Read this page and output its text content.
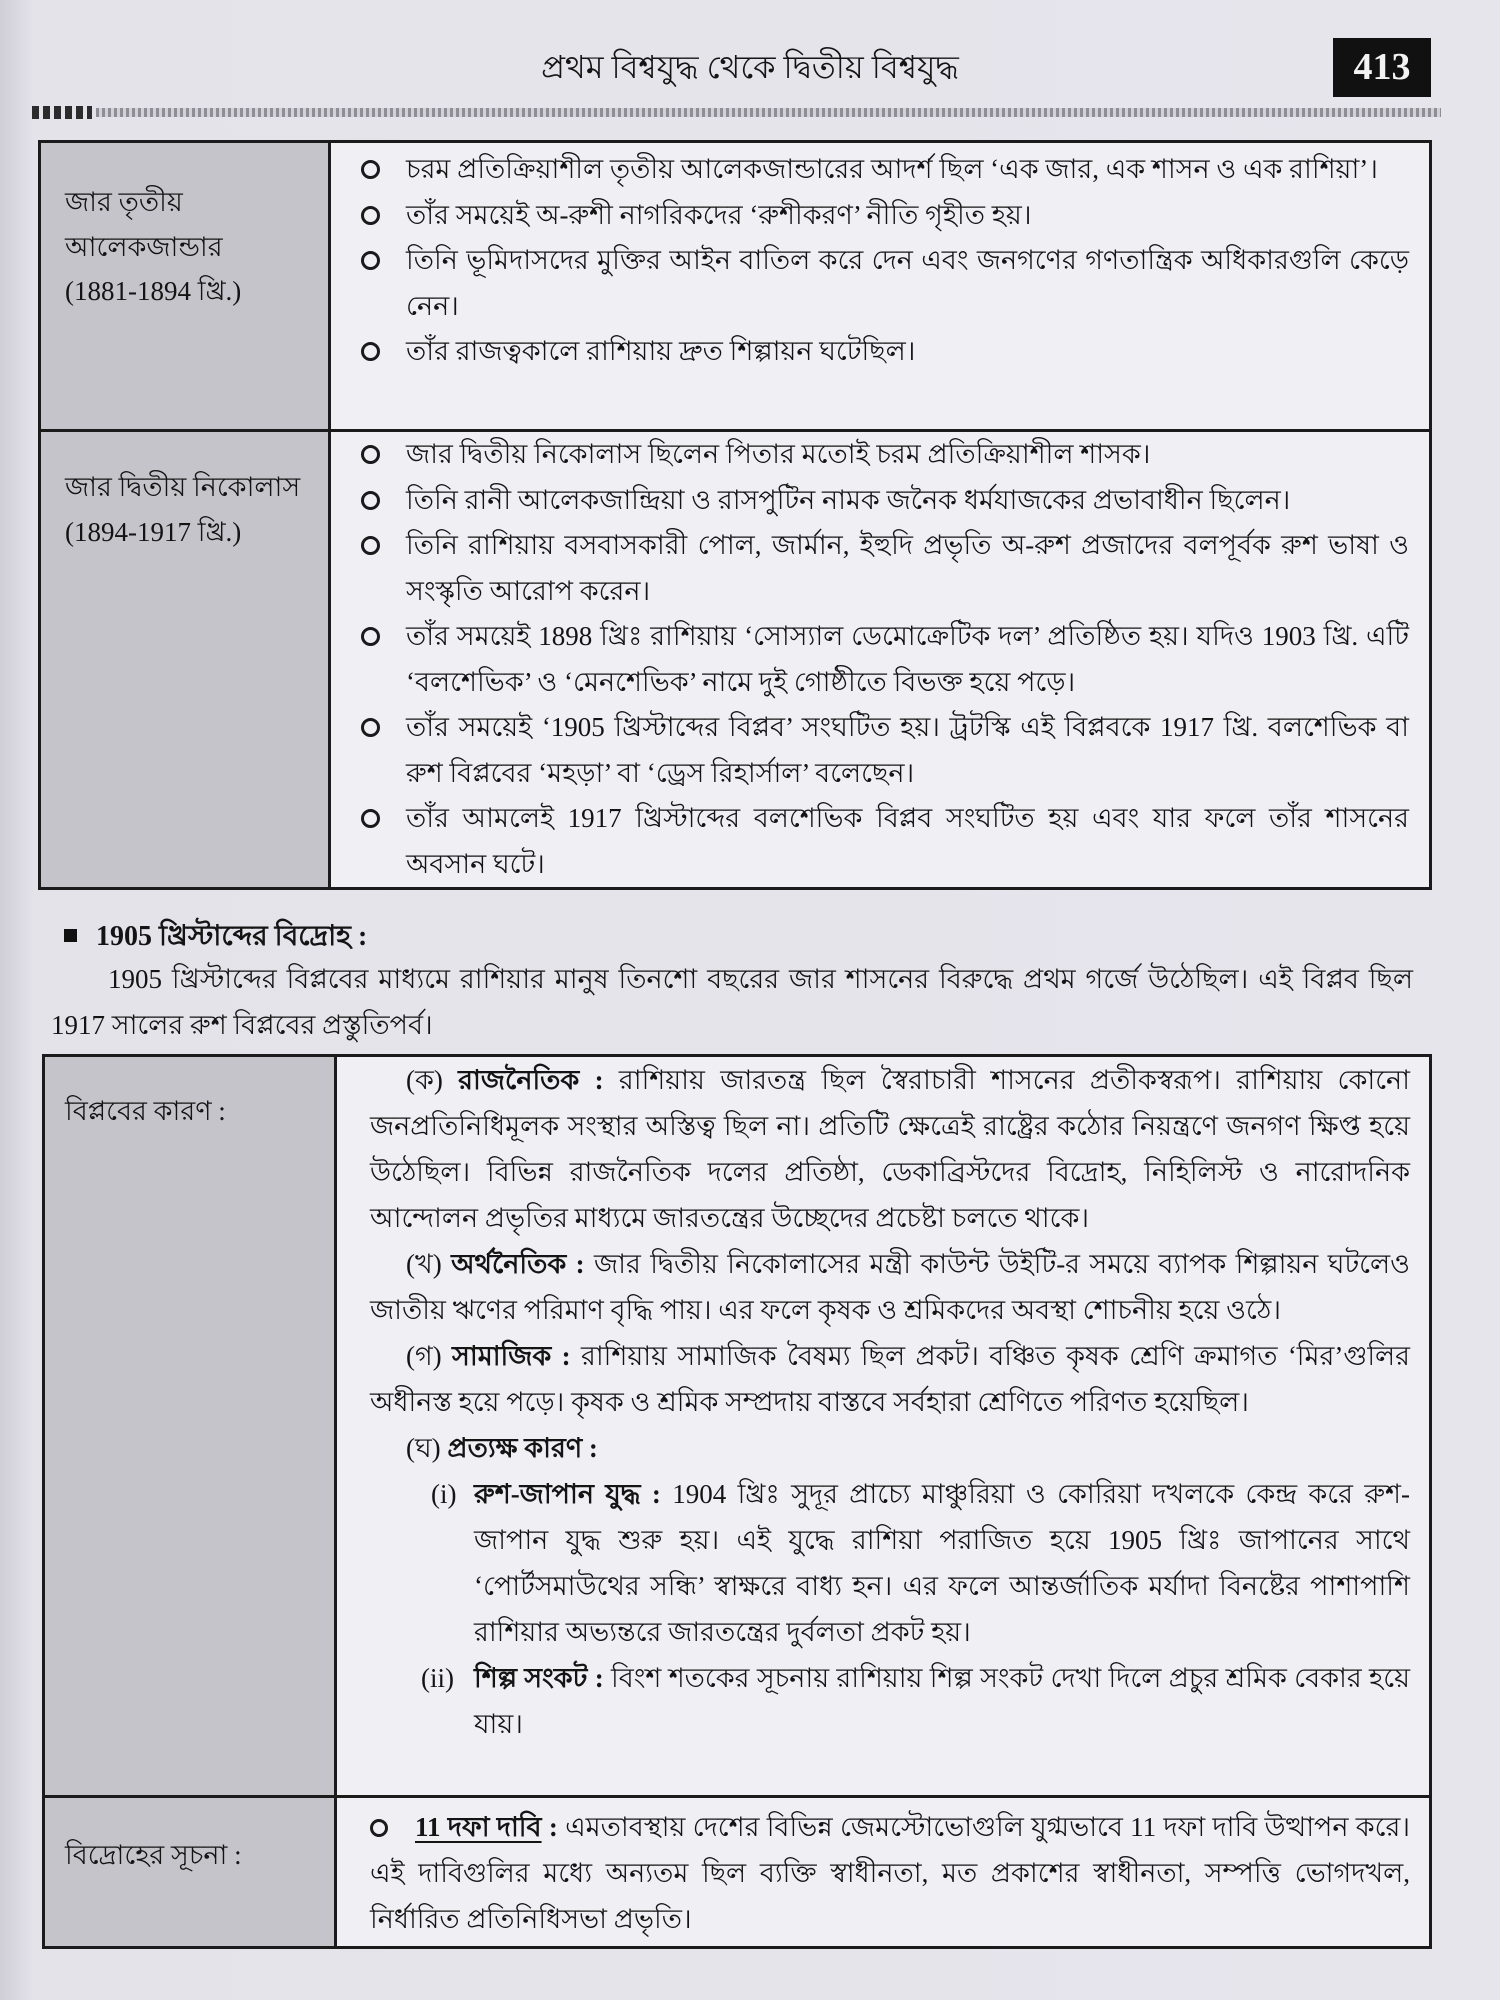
প্রথম বিশ্বযুদ্ধ থেকে দ্বিতীয় বিশ্বযুদ্ধ	413
জার তৃতীয়
আলেকজান্ডার
(1881-1894 খ্রি.)
চরম প্রতিক্রিয়াশীল তৃতীয় আলেকজান্ডারের আদর্শ ছিল ‘এক জার, এক শাসন ও এক রাশিয়া’।
তাঁর সময়েই অ-রুশী নাগরিকদের ‘রুশীকরণ’ নীতি গৃহীত হয়।
তিনি ভূমিদাসদের মুক্তির আইন বাতিল করে দেন এবং জনগণের গণতান্ত্রিক অধিকারগুলি কেড়ে নেন।
তাঁর রাজত্বকালে রাশিয়ায় দ্রুত শিল্পায়ন ঘটেছিল।
জার দ্বিতীয় নিকোলাস
(1894-1917 খ্রি.)
জার দ্বিতীয় নিকোলাস ছিলেন পিতার মতোই চরম প্রতিক্রিয়াশীল শাসক।
তিনি রানী আলেকজান্দ্রিয়া ও রাসপুটিন নামক জনৈক ধর্মযাজকের প্রভাবাধীন ছিলেন।
তিনি রাশিয়ায় বসবাসকারী পোল, জার্মান, ইহুদি প্রভৃতি অ-রুশ প্রজাদের বলপূর্বক রুশ ভাষা ও সংস্কৃতি আরোপ করেন।
তাঁর সময়েই 1898 খ্রিঃ রাশিয়ায় ‘সোস্যাল ডেমোক্রেটিক দল’ প্রতিষ্ঠিত হয়। যদিও 1903 খ্রি. এটি ‘বলশেভিক’ ও ‘মেনশেভিক’ নামে দুই গোষ্ঠীতে বিভক্ত হয়ে পড়ে।
তাঁর সময়েই ‘1905 খ্রিস্টাব্দের বিপ্লব’ সংঘটিত হয়। ট্রটস্কি এই বিপ্লবকে 1917 খ্রি. বলশেভিক বা রুশ বিপ্লবের ‘মহড়া’ বা ‘ড্রেস রিহার্সাল’ বলেছেন।
তাঁর আমলেই 1917 খ্রিস্টাব্দের বলশেভিক বিপ্লব সংঘটিত হয় এবং যার ফলে তাঁর শাসনের অবসান ঘটে।
1905 খ্রিস্টাব্দের বিদ্রোহ :

1905 খ্রিস্টাব্দের বিপ্লবের মাধ্যমে রাশিয়ার মানুষ তিনশো বছরের জার শাসনের বিরুদ্ধে প্রথম গর্জে উঠেছিল। এই বিপ্লব ছিল 1917 সালের রুশ বিপ্লবের প্রস্তুতিপর্ব।

বিপ্লবের কারণ :

(ক) রাজনৈতিক : রাশিয়ায় জারতন্ত্র ছিল স্বৈরাচারী শাসনের প্রতীকস্বরূপ। রাশিয়ায় কোনো জনপ্রতিনিধিমূলক সংস্থার অস্তিত্ব ছিল না। প্রতিটি ক্ষেত্রেই রাষ্ট্রের কঠোর নিয়ন্ত্রণে জনগণ ক্ষিপ্ত হয়ে উঠেছিল। বিভিন্ন রাজনৈতিক দলের প্রতিষ্ঠা, ডেকাব্রিস্টদের বিদ্রোহ, নিহিলিস্ট ও নারোদনিক আন্দোলন প্রভৃতির মাধ্যমে জারতন্ত্রের উচ্ছেদের প্রচেষ্টা চলতে থাকে।

(খ) অর্থনৈতিক : জার দ্বিতীয় নিকোলাসের মন্ত্রী কাউন্ট উইটি-র সময়ে ব্যাপক শিল্পায়ন ঘটলেও জাতীয় ঋণের পরিমাণ বৃদ্ধি পায়। এর ফলে কৃষক ও শ্রমিকদের অবস্থা শোচনীয় হয়ে ওঠে।

(গ) সামাজিক : রাশিয়ায় সামাজিক বৈষম্য ছিল প্রকট। বঞ্চিত কৃষক শ্রেণি ক্রমাগত ‘মির’গুলির অধীনস্ত হয়ে পড়ে। কৃষক ও শ্রমিক সম্প্রদায় বাস্তবে সর্বহারা শ্রেণিতে পরিণত হয়েছিল।

(ঘ) প্রত্যক্ষ কারণ :

(i) রুশ-জাপান যুদ্ধ : 1904 খ্রিঃ সুদূর প্রাচ্যে মাঞ্চুরিয়া ও কোরিয়া দখলকে কেন্দ্র করে রুশ-জাপান যুদ্ধ শুরু হয়। এই যুদ্ধে রাশিয়া পরাজিত হয়ে 1905 খ্রিঃ জাপানের সাথে ‘পোর্টসমাউথের সন্ধি’ স্বাক্ষরে বাধ্য হন। এর ফলে আন্তর্জাতিক মর্যাদা বিনষ্টের পাশাপাশি রাশিয়ার অভ্যন্তরে জারতন্ত্রের দুর্বলতা প্রকট হয়।

(ii) শিল্প সংকট : বিংশ শতকের সূচনায় রাশিয়ায় শিল্প সংকট দেখা দিলে প্রচুর শ্রমিক বেকার হয়ে যায়।

বিদ্রোহের সূচনা :

11 দফা দাবি : এমতাবস্থায় দেশের বিভিন্ন জেমস্টোভোগুলি যুগ্মভাবে 11 দফা দাবি উত্থাপন করে। এই দাবিগুলির মধ্যে অন্যতম ছিল ব্যক্তি স্বাধীনতা, মত প্রকাশের স্বাধীনতা, সম্পত্তি ভোগদখল, নির্ধারিত প্রতিনিধিসভা প্রভৃতি।
